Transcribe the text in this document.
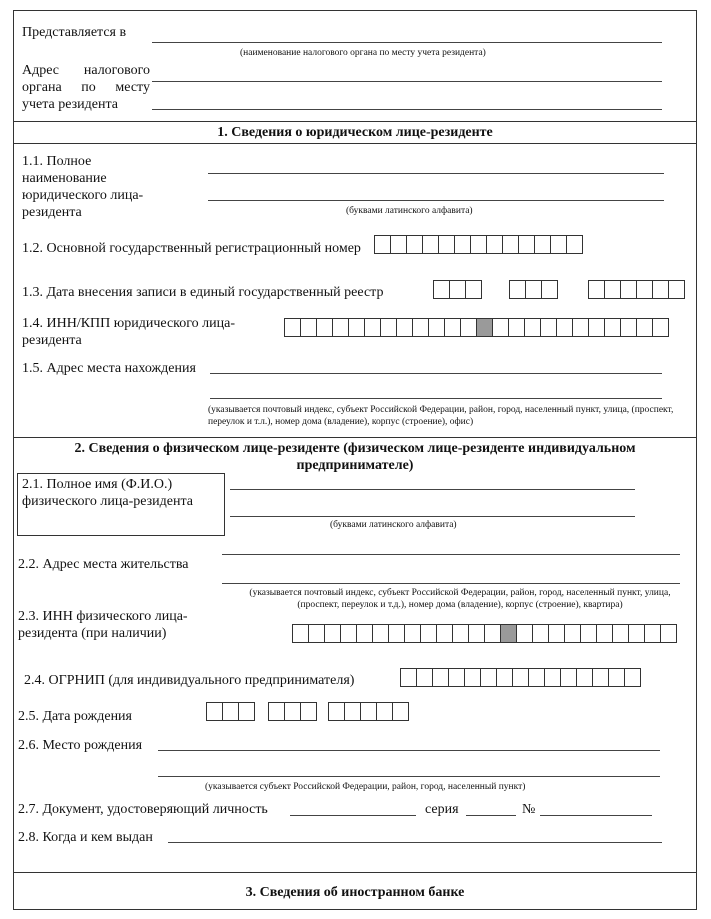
Представляется в
(наименование налогового органа по месту учета резидента)
Адрес налогового органа по месту учета резидента
1. Сведения о юридическом лице-резиденте
1.1. Полное наименование юридического лица-резидента	(буквами латинского алфавита)
1.2. Основной государственный регистрационный номер
1.3. Дата внесения записи в единый государственный реестр
1.4. ИНН/КПП юридического лица-резидента
1.5. Адрес места нахождения
(указывается почтовый индекс, субъект Российской Федерации, район, город, населенный пункт, улица, (проспект, переулок и т.л.), номер дома (владение), корпус (строение), офис)
2. Сведения о физическом лице-резиденте (физическом лице-резиденте индивидуальном предпринимателе)
2.1. Полное имя (Ф.И.О.) физического лица-резидента
(буквами латинского алфавита)
2.2. Адрес места жительства
(указывается почтовый индекс, субъект Российской Федерации, район, город, населенный пункт, улица, (проспект, переулок и т.д.), номер дома (владение), корпус (строение), квартира)
2.3. ИНН физического лица-резидента (при наличии)
2.4. ОГРНИП (для индивидуального предпринимателя)
2.5. Дата рождения
2.6. Место рождения
(указывается субъект Российской Федерации, район, город, населенный пункт)
2.7. Документ, удостоверяющий личность	серия	№
2.8. Когда и кем выдан
3. Сведения об иностранном банке
